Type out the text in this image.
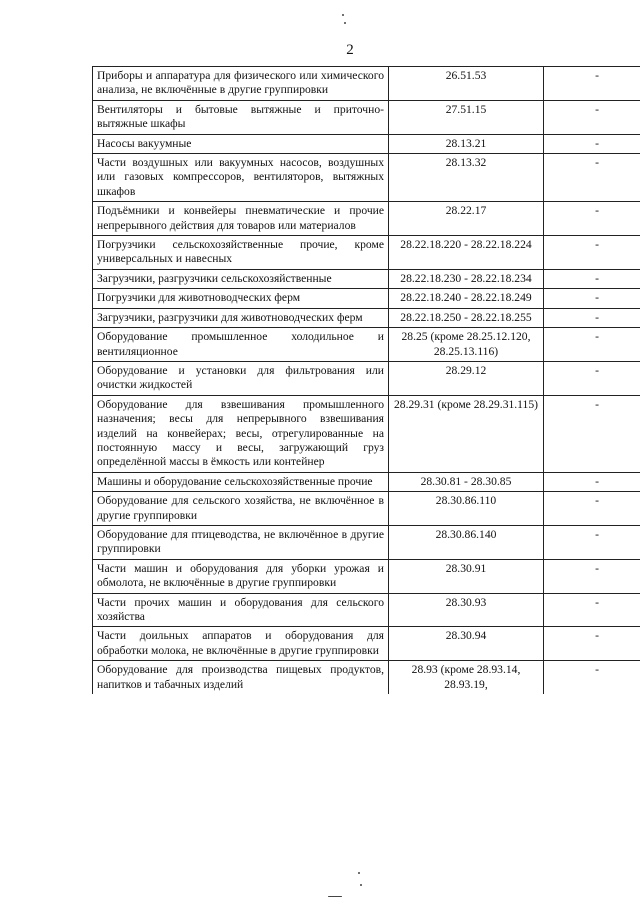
2
Приборы и аппаратура для физического или химического анализа, не включённые в другие группировки	26.51.53	-
Вентиляторы и бытовые вытяжные и приточно-вытяжные шкафы	27.51.15	-
Насосы вакуумные	28.13.21	-
Части воздушных или вакуумных насосов, воздушных или газовых компрессоров, вентиляторов, вытяжных шкафов	28.13.32	-
Подъёмники и конвейеры пневматические и прочие непрерывного действия для товаров или материалов	28.22.17	-
Погрузчики сельскохозяйственные прочие, кроме универсальных и навесных	28.22.18.220 - 28.22.18.224	-
Загрузчики, разгрузчики сельскохозяйственные	28.22.18.230 - 28.22.18.234	-
Погрузчики для животноводческих ферм	28.22.18.240 - 28.22.18.249	-
Загрузчики, разгрузчики для животноводческих ферм	28.22.18.250 - 28.22.18.255	-
Оборудование промышленное холодильное и вентиляционное	28.25 (кроме 28.25.12.120, 28.25.13.116)	-
Оборудование и установки для фильтрования или очистки жидкостей	28.29.12	-
Оборудование для взвешивания промышленного назначения; весы для непрерывного взвешивания изделий на конвейерах; весы, отрегулированные на постоянную массу и весы, загружающий груз определённой массы в ёмкость или контейнер	28.29.31 (кроме 28.29.31.115)	-
Машины и оборудование сельскохозяйственные прочие	28.30.81 - 28.30.85	-
Оборудование для сельского хозяйства, не включённое в другие группировки	28.30.86.110	-
Оборудование для птицеводства, не включённое в другие группировки	28.30.86.140	-
Части машин и оборудования для уборки урожая и обмолота, не включённые в другие группировки	28.30.91	-
Части прочих машин и оборудования для сельского хозяйства	28.30.93	-
Части доильных аппаратов и оборудования для обработки молока, не включённые в другие группировки	28.30.94	-
Оборудование для производства пищевых продуктов, напитков и табачных изделий	28.93 (кроме 28.93.14, 28.93.19,	-
